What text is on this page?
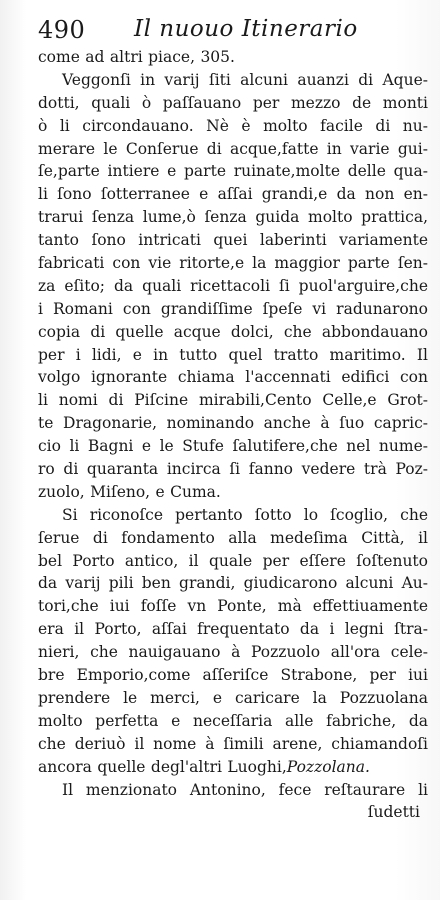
490 Il nuouo Itinerario
come ad altri piace, 305.
Veggonſi in varij ſiti alcuni auanzi di Aque-
dotti, quali ò paſſauano per mezzo de monti
ò li circondauano. Nè è molto facile di nu-
merare le Conſerue di acque,fatte in varie gui-
ſe,parte intiere e parte ruinate,molte delle qua-
li ſono ſotterranee e aſſai grandi,e da non en-
trarui ſenza lume,ò ſenza guida molto prattica,
tanto ſono intricati quei laberinti variamente
fabricati con vie ritorte,e la maggior parte ſen-
za eſito; da quali ricettacoli ſi puol'arguire,che
i Romani con grandiſſime ſpeſe vi radunarono
copia di quelle acque dolci, che abbondauano
per i lidi, e in tutto quel tratto maritimo. Il
volgo ignorante chiama l'accennati edifici con
li nomi di Piſcine mirabili,Cento Celle,e Grot-
te Dragonarie, nominando anche à ſuo capric-
cio li Bagni e le Stufe ſalutifere,che nel nume-
ro di quaranta incirca ſi fanno vedere trà Poz-
zuolo, Miſeno, e Cuma.
Si riconoſce pertanto ſotto lo ſcoglio, che
ſerue di fondamento alla medeſima Città, il
bel Porto antico, il quale per eſſere ſoſtenuto
da varij pili ben grandi, giudicarono alcuni Au-
tori,che iui foſſe vn Ponte, mà effettiuamente
era il Porto, aſſai frequentato da i legni ſtra-
nieri, che nauigauano à Pozzuolo all'ora cele-
bre Emporio,come aſſeriſce Strabone, per iui
prendere le merci, e caricare la Pozzuolana
molto perfetta e neceſſaria alle fabriche, da
che deriuò il nome à ſimili arene, chiamandoſi
ancora quelle degl'altri Luoghi,Pozzolana.
Il menzionato Antonino, fece reſtaurare li
ſudetti
